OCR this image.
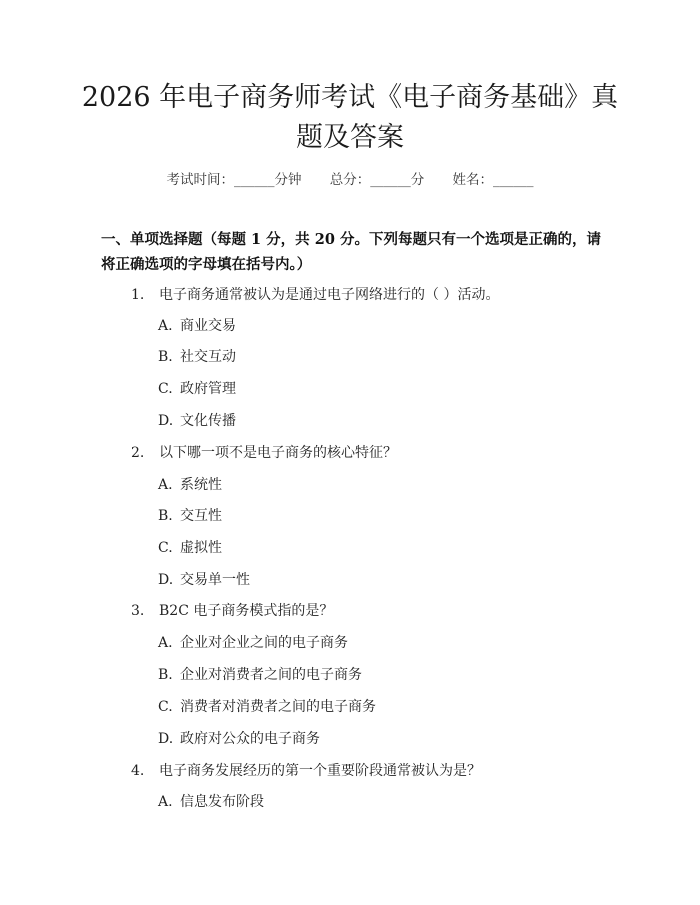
2026 年电子商务师考试《电子商务基础》真
题及答案
考试时间：______分钟 总分：______分 姓名：______
一、单项选择题（每题 1 分，共 20 分。下列每题只有一个选项是正确的，请将正确选项的字母填在括号内。）
1. 电子商务通常被认为是通过电子网络进行的（ ）活动。
A. 商业交易
B. 社交互动
C. 政府管理
D. 文化传播
2. 以下哪一项不是电子商务的核心特征？
A. 系统性
B. 交互性
C. 虚拟性
D. 交易单一性
3. B2C 电子商务模式指的是？
A. 企业对企业之间的电子商务
B. 企业对消费者之间的电子商务
C. 消费者对消费者之间的电子商务
D. 政府对公众的电子商务
4. 电子商务发展经历的第一个重要阶段通常被认为是？
A. 信息发布阶段
